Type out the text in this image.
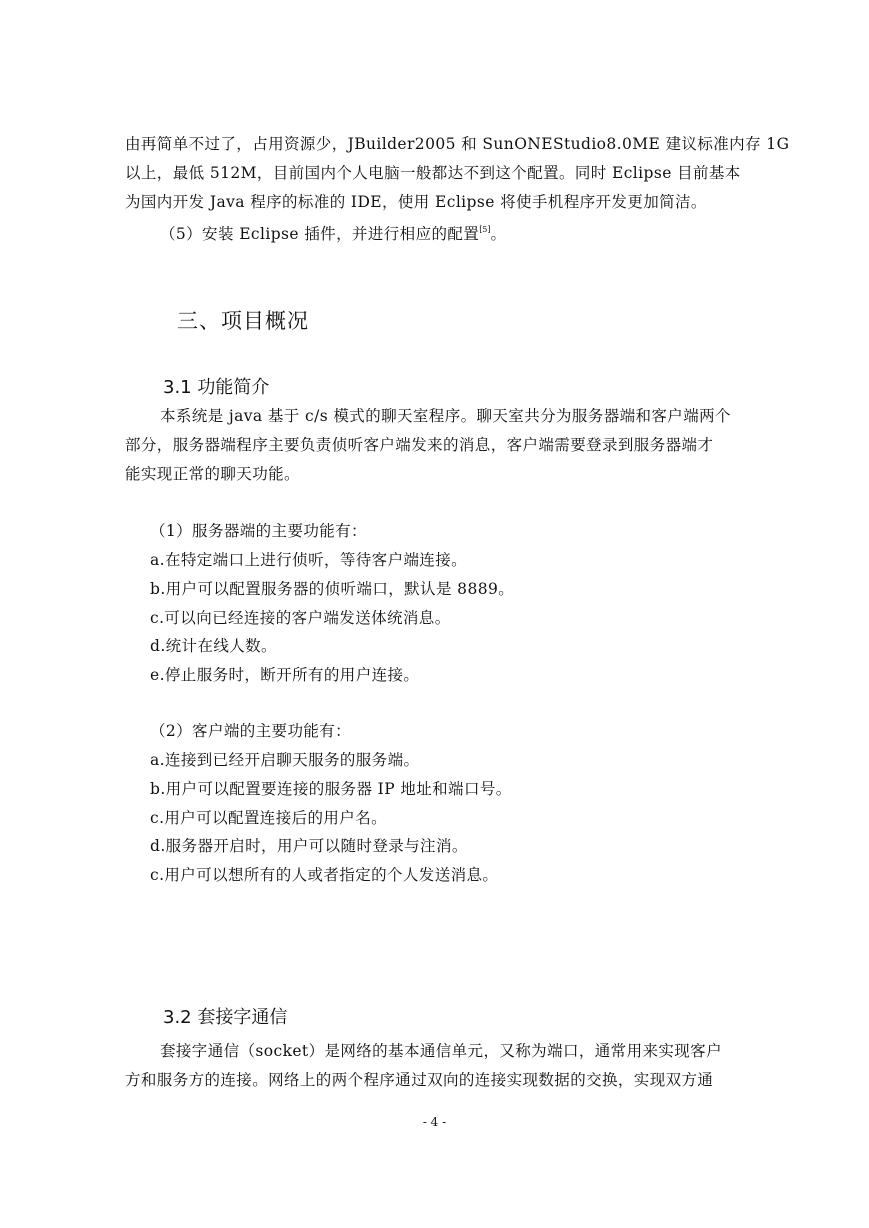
由再简单不过了，占用资源少，JBuilder2005 和 SunONEStudio8.0ME 建议标准内存 1G
以上，最低 512M，目前国内个人电脑一般都达不到这个配置。同时 Eclipse 目前基本
为国内开发 Java 程序的标准的 IDE，使用 Eclipse 将使手机程序开发更加简洁。
（5）安装 Eclipse 插件，并进行相应的配置[5]。
三、项目概况
3.1 功能简介
本系统是 java 基于 c/s 模式的聊天室程序。聊天室共分为服务器端和客户端两个
部分，服务器端程序主要负责侦听客户端发来的消息，客户端需要登录到服务器端才
能实现正常的聊天功能。
（1）服务器端的主要功能有：
a.在特定端口上进行侦听，等待客户端连接。
b.用户可以配置服务器的侦听端口，默认是 8889。
c.可以向已经连接的客户端发送体统消息。
d.统计在线人数。
e.停止服务时，断开所有的用户连接。
（2）客户端的主要功能有：
a.连接到已经开启聊天服务的服务端。
b.用户可以配置要连接的服务器 IP 地址和端口号。
c.用户可以配置连接后的用户名。
d.服务器开启时，用户可以随时登录与注消。
c.用户可以想所有的人或者指定的个人发送消息。
3.2 套接字通信
套接字通信（socket）是网络的基本通信单元，又称为端口，通常用来实现客户
方和服务方的连接。网络上的两个程序通过双向的连接实现数据的交换，实现双方通
- 4 -
